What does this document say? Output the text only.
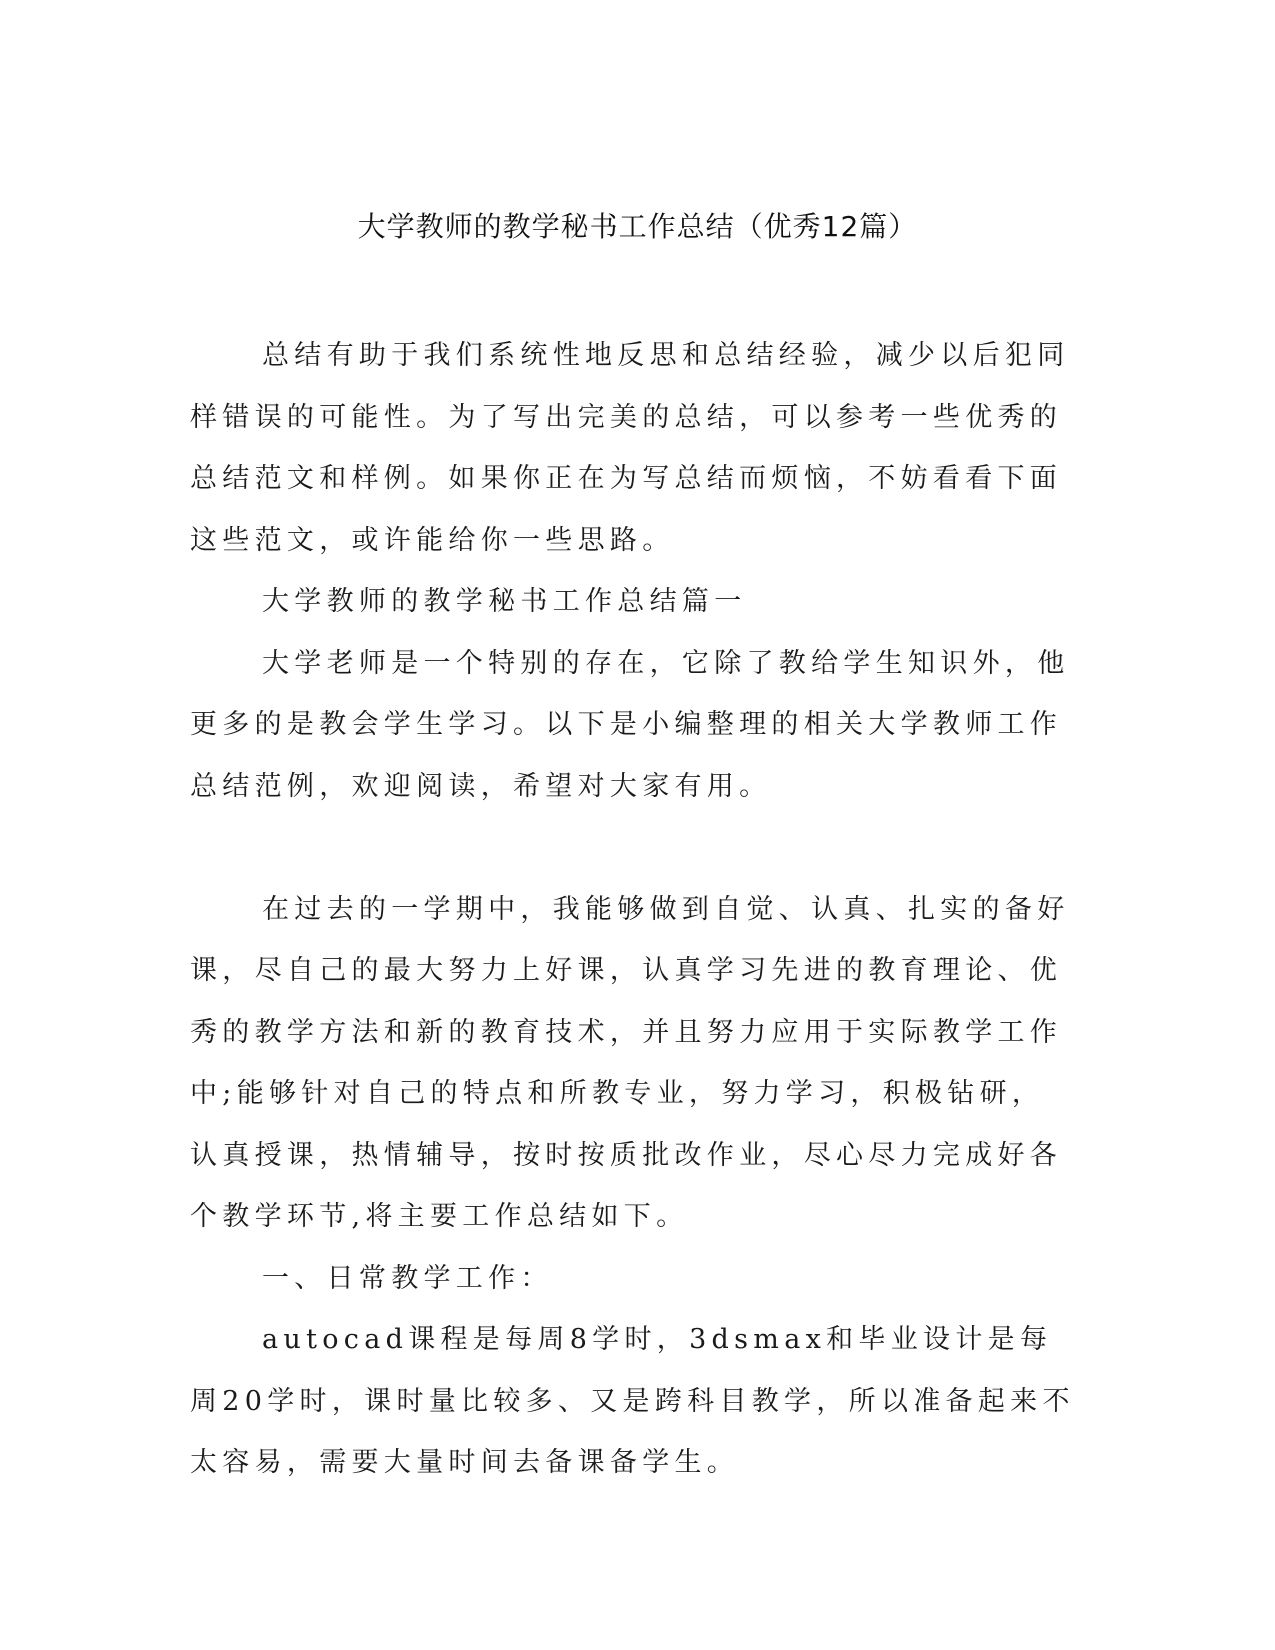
大学教师的教学秘书工作总结（优秀12篇）

总结有助于我们系统性地反思和总结经验，减少以后犯同样错误的可能性。为了写出完美的总结，可以参考一些优秀的总结范文和样例。如果你正在为写总结而烦恼，不妨看看下面这些范文，或许能给你一些思路。

大学教师的教学秘书工作总结篇一

大学老师是一个特别的存在，它除了教给学生知识外，他更多的是教会学生学习。以下是小编整理的相关大学教师工作总结范例，欢迎阅读，希望对大家有用。

在过去的一学期中，我能够做到自觉、认真、扎实的备好课，尽自己的最大努力上好课，认真学习先进的教育理论、优秀的教学方法和新的教育技术，并且努力应用于实际教学工作中;能够针对自己的特点和所教专业，努力学习，积极钻研，认真授课，热情辅导，按时按质批改作业，尽心尽力完成好各个教学环节,将主要工作总结如下。

一、日常教学工作：

autocad课程是每周8学时，3dsmax和毕业设计是每周20学时，课时量比较多、又是跨科目教学，所以准备起来不太容易，需要大量时间去备课备学生。
